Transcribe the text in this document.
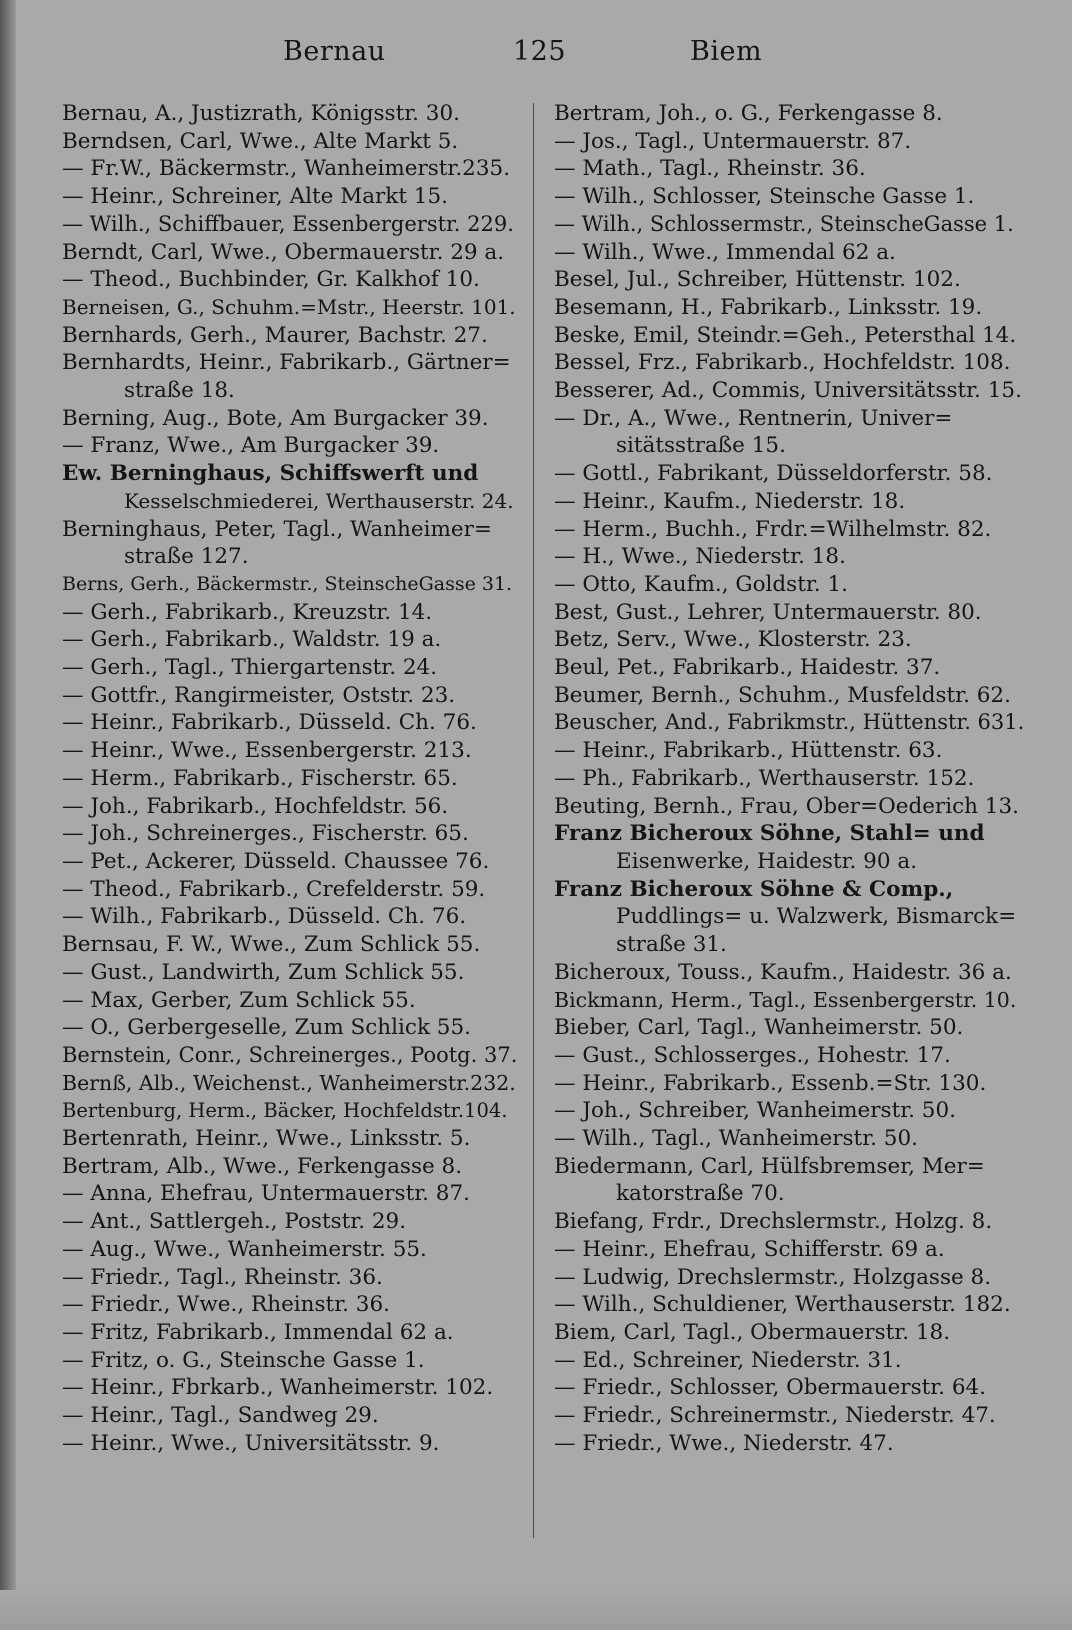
Bernau	125	Biem
Bernau, A., Justizrath, Königsstr. 30.
Berndsen, Carl, Wwe., Alte Markt 5.
— Fr.W., Bäckermstr., Wanheimerstr.235.
— Heinr., Schreiner, Alte Markt 15.
— Wilh., Schiffbauer, Essenbergerstr. 229.
Berndt, Carl, Wwe., Obermauerstr. 29 a.
— Theod., Buchbinder, Gr. Kalkhof 10.
Berneisen, G., Schuhm.=Mstr., Heerstr. 101.
Bernhards, Gerh., Maurer, Bachstr. 27.
Bernhardts, Heinr., Fabrikarb., Gärtner=
straße 18.
Berning, Aug., Bote, Am Burgacker 39.
— Franz, Wwe., Am Burgacker 39.
Ew. Berninghaus, Schiffswerft und
Kesselschmiederei, Werthauserstr. 24.
Berninghaus, Peter, Tagl., Wanheimer=
straße 127.
Berns, Gerh., Bäckermstr., SteinscheGasse 31.
— Gerh., Fabrikarb., Kreuzstr. 14.
— Gerh., Fabrikarb., Waldstr. 19 a.
— Gerh., Tagl., Thiergartenstr. 24.
— Gottfr., Rangirmeister, Oststr. 23.
— Heinr., Fabrikarb., Düsseld. Ch. 76.
— Heinr., Wwe., Essenbergerstr. 213.
— Herm., Fabrikarb., Fischerstr. 65.
— Joh., Fabrikarb., Hochfeldstr. 56.
— Joh., Schreinerges., Fischerstr. 65.
— Pet., Ackerer, Düsseld. Chaussee 76.
— Theod., Fabrikarb., Crefelderstr. 59.
— Wilh., Fabrikarb., Düsseld. Ch. 76.
Bernsau, F. W., Wwe., Zum Schlick 55.
— Gust., Landwirth, Zum Schlick 55.
— Max, Gerber, Zum Schlick 55.
— O., Gerbergeselle, Zum Schlick 55.
Bernstein, Conr., Schreinerges., Pootg. 37.
Bernß, Alb., Weichenst., Wanheimerstr.232.
Bertenburg, Herm., Bäcker, Hochfeldstr.104.
Bertenrath, Heinr., Wwe., Linksstr. 5.
Bertram, Alb., Wwe., Ferkengasse 8.
— Anna, Ehefrau, Untermauerstr. 87.
— Ant., Sattlergeh., Poststr. 29.
— Aug., Wwe., Wanheimerstr. 55.
— Friedr., Tagl., Rheinstr. 36.
— Friedr., Wwe., Rheinstr. 36.
— Fritz, Fabrikarb., Immendal 62 a.
— Fritz, o. G., Steinsche Gasse 1.
— Heinr., Fbrkarb., Wanheimerstr. 102.
— Heinr., Tagl., Sandweg 29.
— Heinr., Wwe., Universitätsstr. 9.
Bertram, Joh., o. G., Ferkengasse 8.
— Jos., Tagl., Untermauerstr. 87.
— Math., Tagl., Rheinstr. 36.
— Wilh., Schlosser, Steinsche Gasse 1.
— Wilh., Schlossermstr., SteinscheGasse 1.
— Wilh., Wwe., Immendal 62 a.
Besel, Jul., Schreiber, Hüttenstr. 102.
Besemann, H., Fabrikarb., Linksstr. 19.
Beske, Emil, Steindr.=Geh., Petersthal 14.
Bessel, Frz., Fabrikarb., Hochfeldstr. 108.
Besserer, Ad., Commis, Universitätsstr. 15.
— Dr., A., Wwe., Rentnerin, Univer=
sitätsstraße 15.
— Gottl., Fabrikant, Düsseldorferstr. 58.
— Heinr., Kaufm., Niederstr. 18.
— Herm., Buchh., Frdr.=Wilhelmstr. 82.
— H., Wwe., Niederstr. 18.
— Otto, Kaufm., Goldstr. 1.
Best, Gust., Lehrer, Untermauerstr. 80.
Betz, Serv., Wwe., Klosterstr. 23.
Beul, Pet., Fabrikarb., Haidestr. 37.
Beumer, Bernh., Schuhm., Musfeldstr. 62.
Beuscher, And., Fabrikmstr., Hüttenstr. 631.
— Heinr., Fabrikarb., Hüttenstr. 63.
— Ph., Fabrikarb., Werthauserstr. 152.
Beuting, Bernh., Frau, Ober=Oederich 13.
Franz Bicheroux Söhne, Stahl= und
Eisenwerke, Haidestr. 90 a.
Franz Bicheroux Söhne & Comp.,
Puddlings= u. Walzwerk, Bismarck=
straße 31.
Bicheroux, Touss., Kaufm., Haidestr. 36 a.
Bickmann, Herm., Tagl., Essenbergerstr. 10.
Bieber, Carl, Tagl., Wanheimerstr. 50.
— Gust., Schlosserges., Hohestr. 17.
— Heinr., Fabrikarb., Essenb.=Str. 130.
— Joh., Schreiber, Wanheimerstr. 50.
— Wilh., Tagl., Wanheimerstr. 50.
Biedermann, Carl, Hülfsbremser, Mer=
katorstraße 70.
Biefang, Frdr., Drechslermstr., Holzg. 8.
— Heinr., Ehefrau, Schifferstr. 69 a.
— Ludwig, Drechslermstr., Holzgasse 8.
— Wilh., Schuldiener, Werthauserstr. 182.
Biem, Carl, Tagl., Obermauerstr. 18.
— Ed., Schreiner, Niederstr. 31.
— Friedr., Schlosser, Obermauerstr. 64.
— Friedr., Schreinermstr., Niederstr. 47.
— Friedr., Wwe., Niederstr. 47.
